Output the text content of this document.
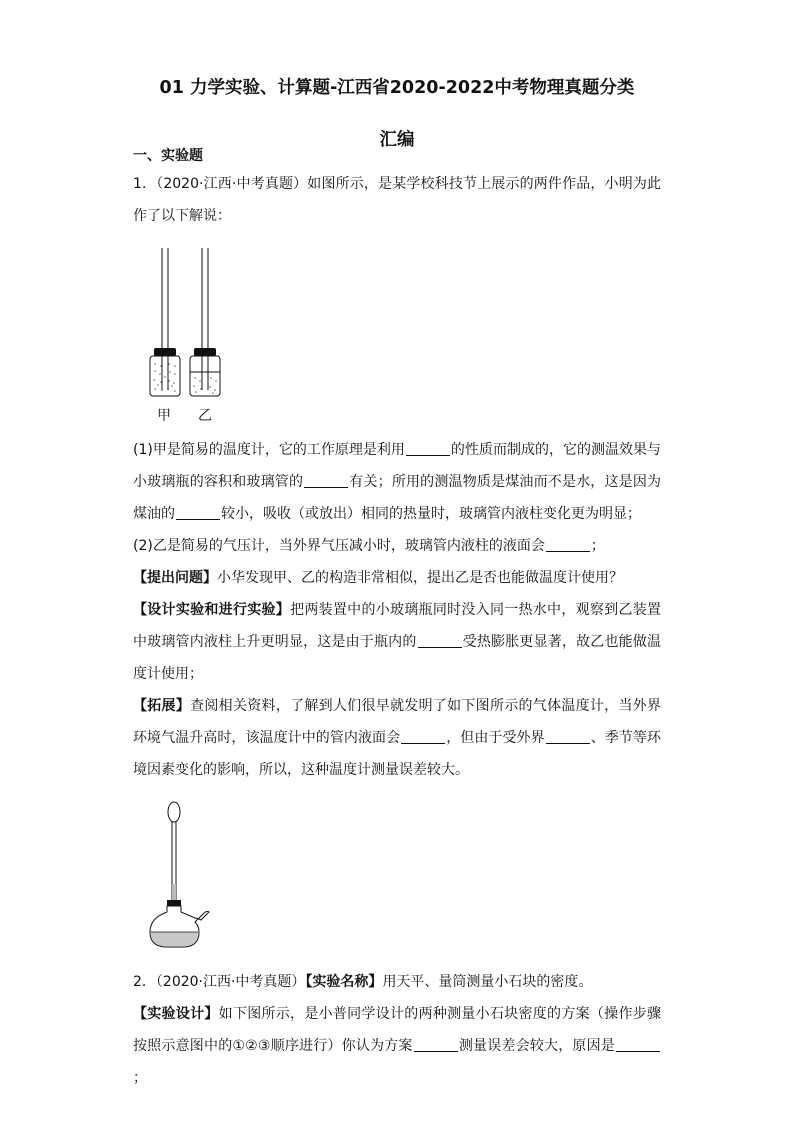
01 力学实验、计算题-江西省2020-2022中考物理真题分类
汇编

一、实验题

1．（2020·江西·中考真题）如图所示，是某学校科技节上展示的两件作品，小明为此作了以下解说：

甲 乙

(1)甲是简易的温度计，它的工作原理是利用	的性质而制成的，它的测温效果与小玻璃瓶的容积和玻璃管的	有关；所用的测温物质是煤油而不是水，这是因为煤油的	较小，吸收（或放出）相同的热量时，玻璃管内液柱变化更为明显；

(2)乙是简易的气压计，当外界气压减小时，玻璃管内液柱的液面会	；

【提出问题】小华发现甲、乙的构造非常相似，提出乙是否也能做温度计使用？

【设计实验和进行实验】把两装置中的小玻璃瓶同时没入同一热水中，观察到乙装置中玻璃管内液柱上升更明显，这是由于瓶内的	受热膨胀更显著，故乙也能做温度计使用；

【拓展】查阅相关资料，了解到人们很早就发明了如下图所示的气体温度计，当外界环境气温升高时，该温度计中的管内液面会	，但由于受外界	、季节等环境因素变化的影响，所以，这种温度计测量误差较大。

2．（2020·江西·中考真题）【实验名称】用天平、量筒测量小石块的密度。

【实验设计】如下图所示，是小普同学设计的两种测量小石块密度的方案（操作步骤按照示意图中的①②③顺序进行）你认为方案	测量误差会较大，原因是；
